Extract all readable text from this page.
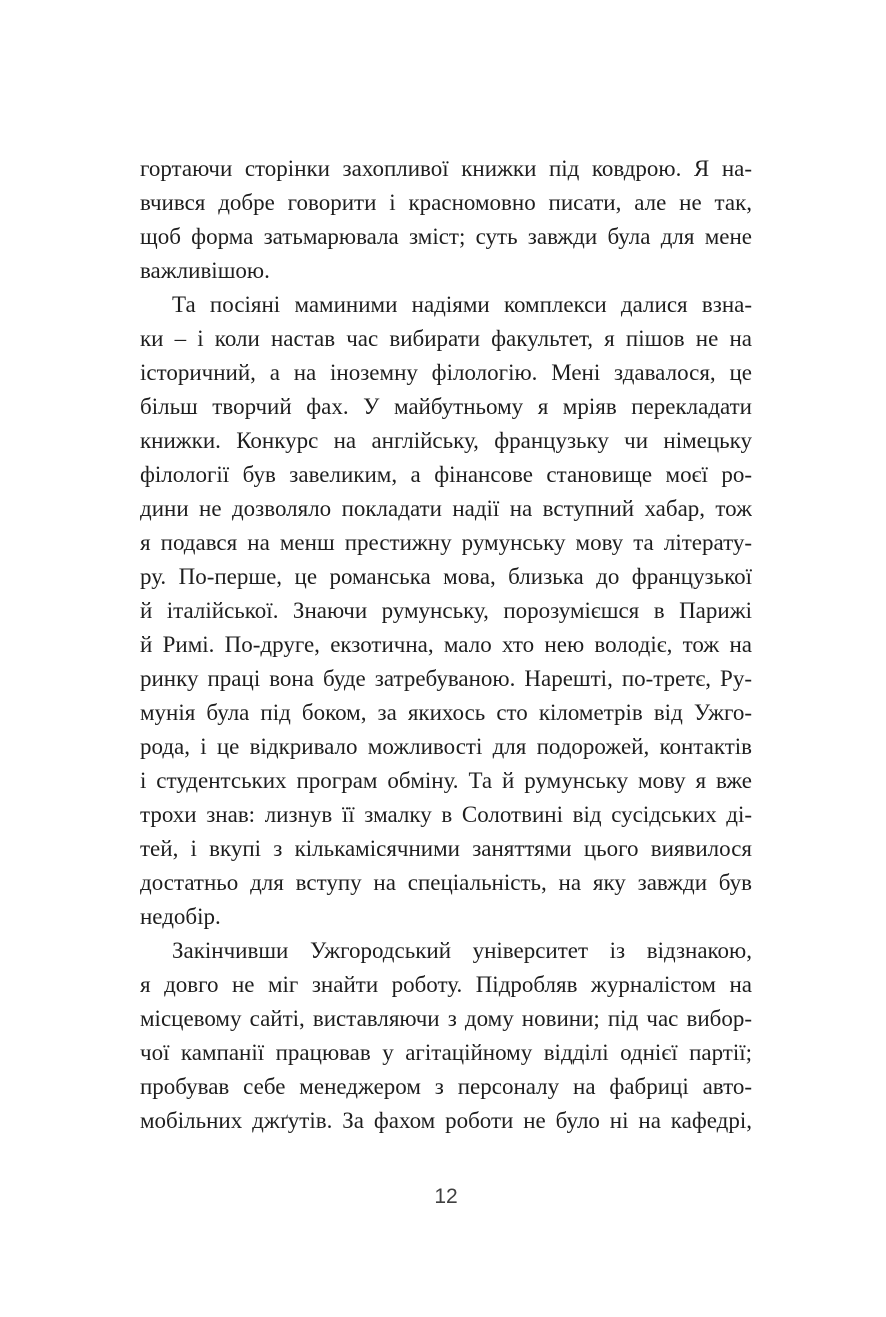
гортаючи сторінки захопливої книжки під ковдрою. Я на-
вчився добре говорити і красномовно писати, але не так,
щоб форма затьмарювала зміст; суть завжди була для мене
важливішою.
Та посіяні маминими надіями комплекси далися взна-
ки – і коли настав час вибирати факультет, я пішов не на
історичний, а на іноземну філологію. Мені здавалося, це
більш творчий фах. У майбутньому я мріяв перекладати
книжки. Конкурс на англійську, французьку чи німецьку
філології був завеликим, а фінансове становище моєї ро-
дини не дозволяло покладати надії на вступний хабар, тож
я подався на менш престижну румунську мову та літерату-
ру. По-перше, це романська мова, близька до французької
й італійської. Знаючи румунську, порозумієшся в Парижі
й Римі. По-друге, екзотична, мало хто нею володіє, тож на
ринку праці вона буде затребуваною. Нарешті, по-третє, Ру-
мунія була під боком, за якихось сто кілометрів від Ужго-
рода, і це відкривало можливості для подорожей, контактів
і студентських програм обміну. Та й румунську мову я вже
трохи знав: лизнув її змалку в Солотвині від сусідських ді-
тей, і вкупі з кількамісячними заняттями цього виявилося
достатньо для вступу на спеціальність, на яку завжди був
недобір.
Закінчивши Ужгородський університет із відзнакою,
я довго не міг знайти роботу. Підробляв журналістом на
місцевому сайті, виставляючи з дому новини; під час вибор-
чої кампанії працював у агітаційному відділі однієї партії;
пробував себе менеджером з персоналу на фабриці авто-
мобільних джґутів. За фахом роботи не було ні на кафедрі,
12
